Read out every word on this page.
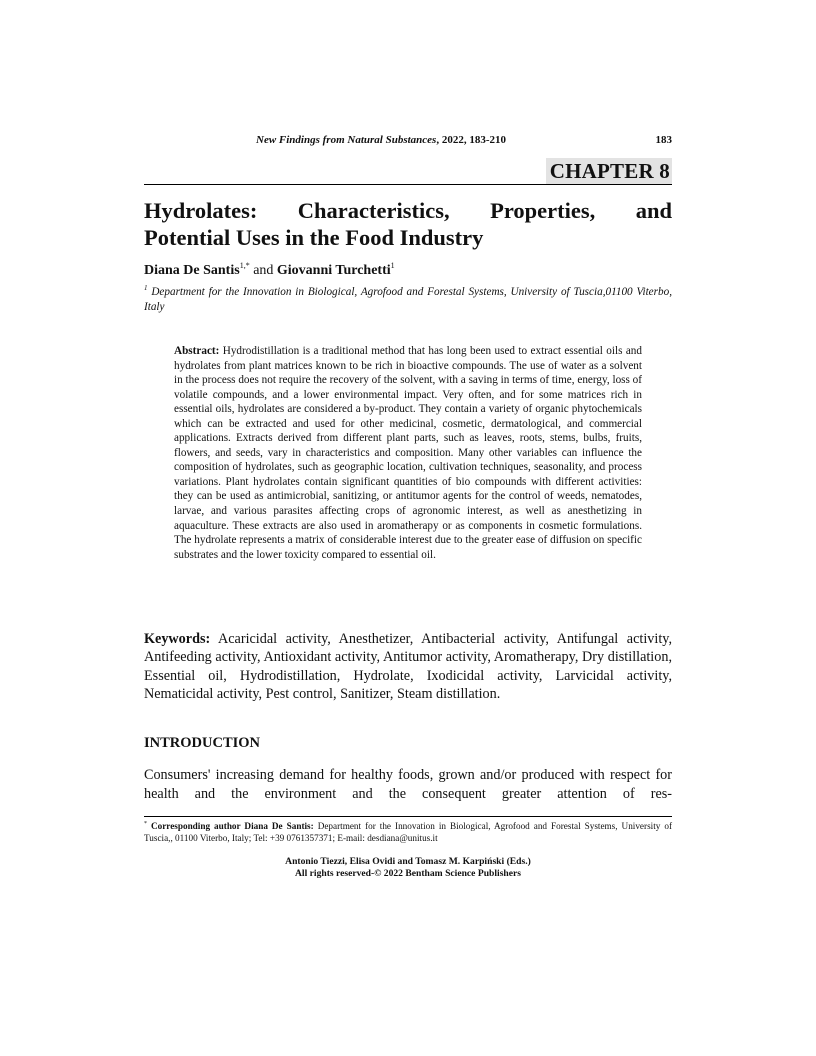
New Findings from Natural Substances, 2022, 183-210	183
CHAPTER 8
Hydrolates: Characteristics, Properties, and
Potential Uses in the Food Industry
Diana De Santis$^{1,*}$ and Giovanni Turchetti$^1$
$^1$ Department for the Innovation in Biological, Agrofood and Forestal Systems, University of Tuscia,01100 Viterbo, Italy
Abstract: Hydrodistillation is a traditional method that has long been used to extract essential oils and hydrolates from plant matrices known to be rich in bioactive compounds. The use of water as a solvent in the process does not require the recovery of the solvent, with a saving in terms of time, energy, loss of volatile compounds, and a lower environmental impact. Very often, and for some matrices rich in essential oils, hydrolates are considered a by-product. They contain a variety of organic phytochemicals which can be extracted and used for other medicinal, cosmetic, dermatological, and commercial applications. Extracts derived from different plant parts, such as leaves, roots, stems, bulbs, fruits, flowers, and seeds, vary in characteristics and composition. Many other variables can influence the composition of hydrolates, such as geographic location, cultivation techniques, seasonality, and process variations. Plant hydrolates contain significant quantities of bio compounds with different activities: they can be used as antimicrobial, sanitizing, or antitumor agents for the control of weeds, nematodes, larvae, and various parasites affecting crops of agronomic interest, as well as anesthetizing in aquaculture. These extracts are also used in aromatherapy or as components in cosmetic formulations. The hydrolate represents a matrix of considerable interest due to the greater ease of diffusion on specific substrates and the lower toxicity compared to essential oil.
Keywords: Acaricidal activity, Anesthetizer, Antibacterial activity, Antifungal activity, Antifeeding activity, Antioxidant activity, Antitumor activity, Aromatherapy, Dry distillation, Essential oil, Hydrodistillation, Hydrolate, Ixodicidal activity, Larvicidal activity, Nematicidal activity, Pest control, Sanitizer, Steam distillation.
INTRODUCTION
Consumers' increasing demand for healthy foods, grown and/or produced with respect for health and the environment and the consequent greater attention of res-
* Corresponding author Diana De Santis: Department for the Innovation in Biological, Agrofood and Forestal Systems, University of Tuscia,, 01100 Viterbo, Italy; Tel: +39 0761357371; E-mail: desdiana@unitus.it
Antonio Tiezzi, Elisa Ovidi and Tomasz M. Karpiński (Eds.)
All rights reserved-© 2022 Bentham Science Publishers
